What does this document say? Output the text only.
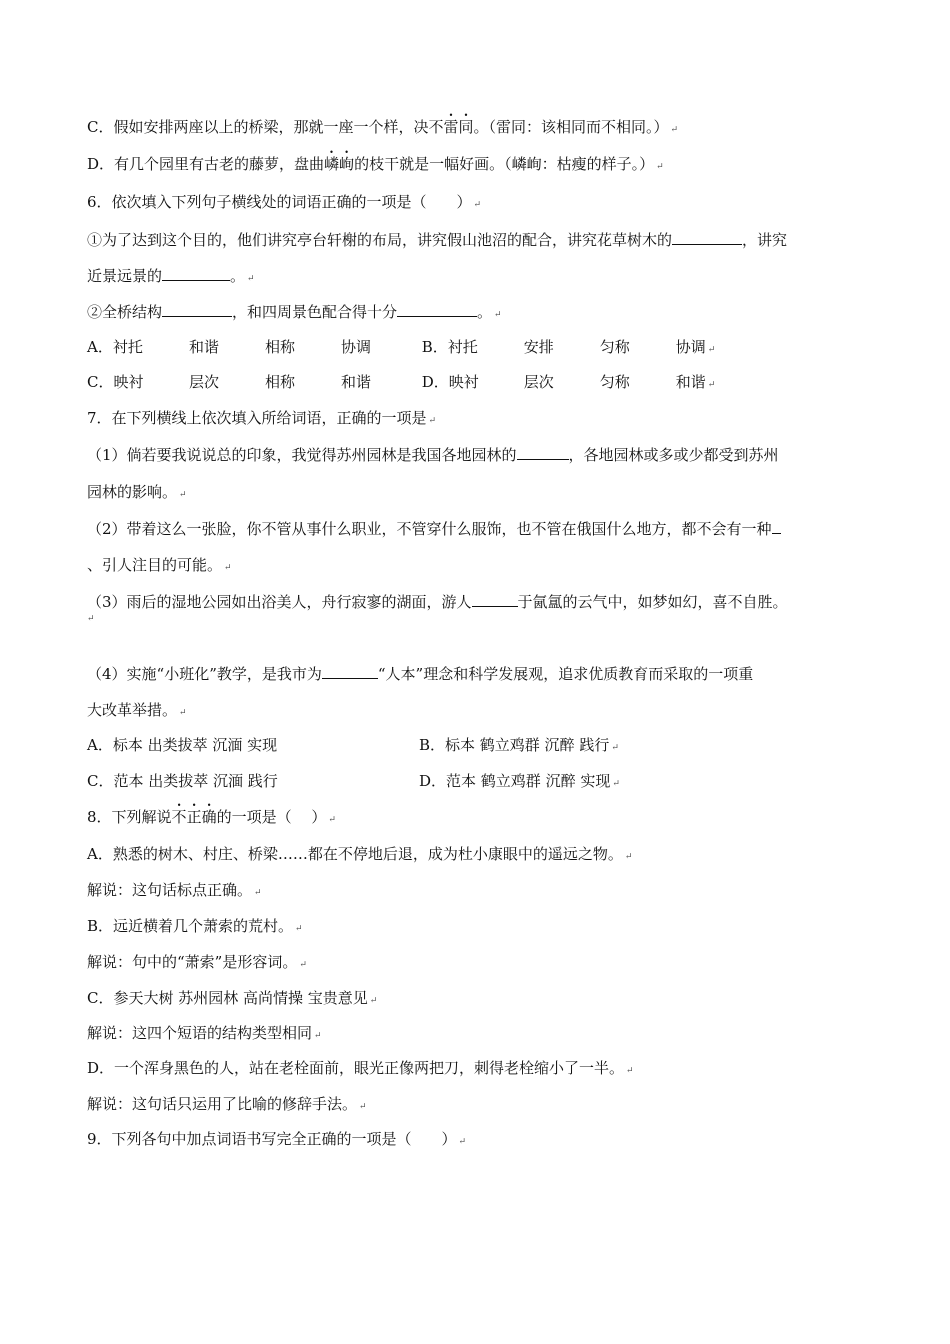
C．假如安排两座以上的桥梁，那就一座一个样，决不雷同。（雷同：该相同而不相同。） ↵
D．有几个园里有古老的藤萝，盘曲嶙峋的枝干就是一幅好画。（嶙峋：枯瘦的样子。） ↵
6．依次填入下列句子横线处的词语正确的一项是（　　） ↵
①为了达到这个目的，他们讲究亭台轩榭的布局，讲究假山池沼的配合，讲究花草树木的	，讲究
近景远景的	。 ↵
②全桥结构	，和四周景色配合得十分	。 ↵
A．衬托	和谐	相称	协调	B．衬托	安排	匀称	协调 ↵
C．映衬	层次	相称	和谐	D．映衬	层次	匀称	和谐 ↵
7．在下列横线上依次填入所给词语，正确的一项是 ↵
（1）倘若要我说说总的印象，我觉得苏州园林是我国各地园林的	，各地园林或多或少都受到苏州
园林的影响。 ↵
（2）带着这么一张脸，你不管从事什么职业，不管穿什么服饰，也不管在俄国什么地方，都不会有一种
、引人注目的可能。 ↵
（3）雨后的湿地公园如出浴美人，舟行寂寥的湖面，游人	于氤氲的云气中，如梦如幻，喜不自胜。
↵
（4）实施“小班化”教学，是我市为	“人本”理念和科学发展观，追求优质教育而采取的一项重
大改革举措。 ↵
A．标本 出类拔萃 沉湎 实现	B．标本 鹤立鸡群 沉醉 践行 ↵
C．范本 出类拔萃 沉湎 践行	D．范本 鹤立鸡群 沉醉 实现 ↵
8．下列解说不正确的一项是（　 ） ↵
A．熟悉的树木、村庄、桥梁……都在不停地后退，成为杜小康眼中的遥远之物。 ↵
解说：这句话标点正确。 ↵
B．远近横着几个萧索的荒村。 ↵
解说：句中的“萧索”是形容词。 ↵
C．参天大树 苏州园林 高尚情操 宝贵意见 ↵
解说：这四个短语的结构类型相同 ↵
D．一个浑身黑色的人，站在老栓面前，眼光正像两把刀，刺得老栓缩小了一半。 ↵
解说：这句话只运用了比喻的修辞手法。 ↵
9．下列各句中加点词语书写完全正确的一项是（　　） ↵
